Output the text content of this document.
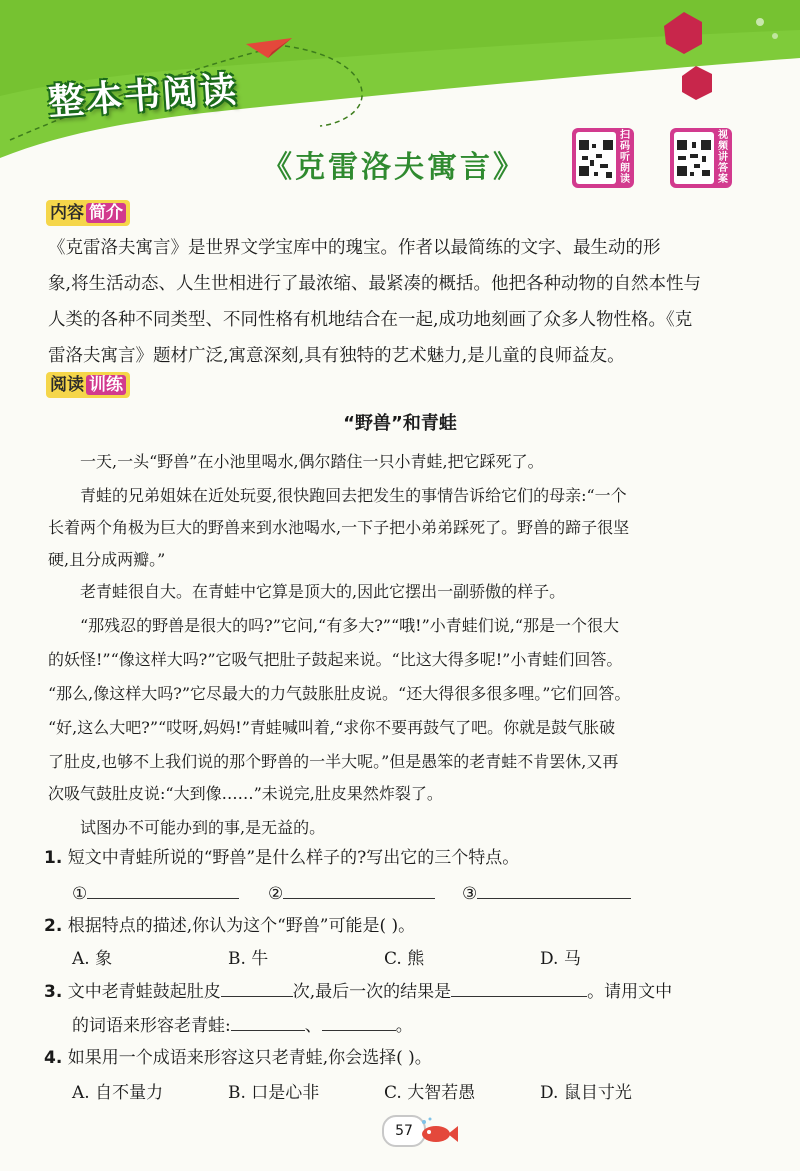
整本书阅读
《克雷洛夫寓言》
扫码听朗读
视频讲答案
内容 简介
《克雷洛夫寓言》是世界文学宝库中的瑰宝。作者以最简练的文字、最生动的形
象,将生活动态、人生世相进行了最浓缩、最紧凑的概括。他把各种动物的自然本性与
人类的各种不同类型、不同性格有机地结合在一起,成功地刻画了众多人物性格。《克
雷洛夫寓言》题材广泛,寓意深刻,具有独特的艺术魅力,是儿童的良师益友。
阅读 训练
“野兽”和青蛙
一天,一头“野兽”在小池里喝水,偶尔踏住一只小青蛙,把它踩死了。
青蛙的兄弟姐妹在近处玩耍,很快跑回去把发生的事情告诉给它们的母亲:“一个
长着两个角极为巨大的野兽来到水池喝水,一下子把小弟弟踩死了。野兽的蹄子很坚
硬,且分成两瓣。”
老青蛙很自大。在青蛙中它算是顶大的,因此它摆出一副骄傲的样子。
“那残忍的野兽是很大的吗?”它问,“有多大?”“哦!”小青蛙们说,“那是一个很大
的妖怪!”“像这样大吗?”它吸气把肚子鼓起来说。“比这大得多呢!”小青蛙们回答。
“那么,像这样大吗?”它尽最大的力气鼓胀肚皮说。“还大得很多很多哩。”它们回答。
“好,这么大吧?”“哎呀,妈妈!”青蛙喊叫着,“求你不要再鼓气了吧。你就是鼓气胀破
了肚皮,也够不上我们说的那个野兽的一半大呢。”但是愚笨的老青蛙不肯罢休,又再
次吸气鼓肚皮说:“大到像……”未说完,肚皮果然炸裂了。
试图办不可能办到的事,是无益的。
1. 短文中青蛙所说的“野兽”是什么样子的?写出它的三个特点。
①	②	③
2. 根据特点的描述,你认为这个“野兽”可能是( )。
A. 象	B. 牛	C. 熊	D. 马
3. 文中老青蛙鼓起肚皮	次,最后一次的结果是	。请用文中
的词语来形容老青蛙:	、	。
4. 如果用一个成语来形容这只老青蛙,你会选择( )。
A. 自不量力	B. 口是心非	C. 大智若愚	D. 鼠目寸光
57
